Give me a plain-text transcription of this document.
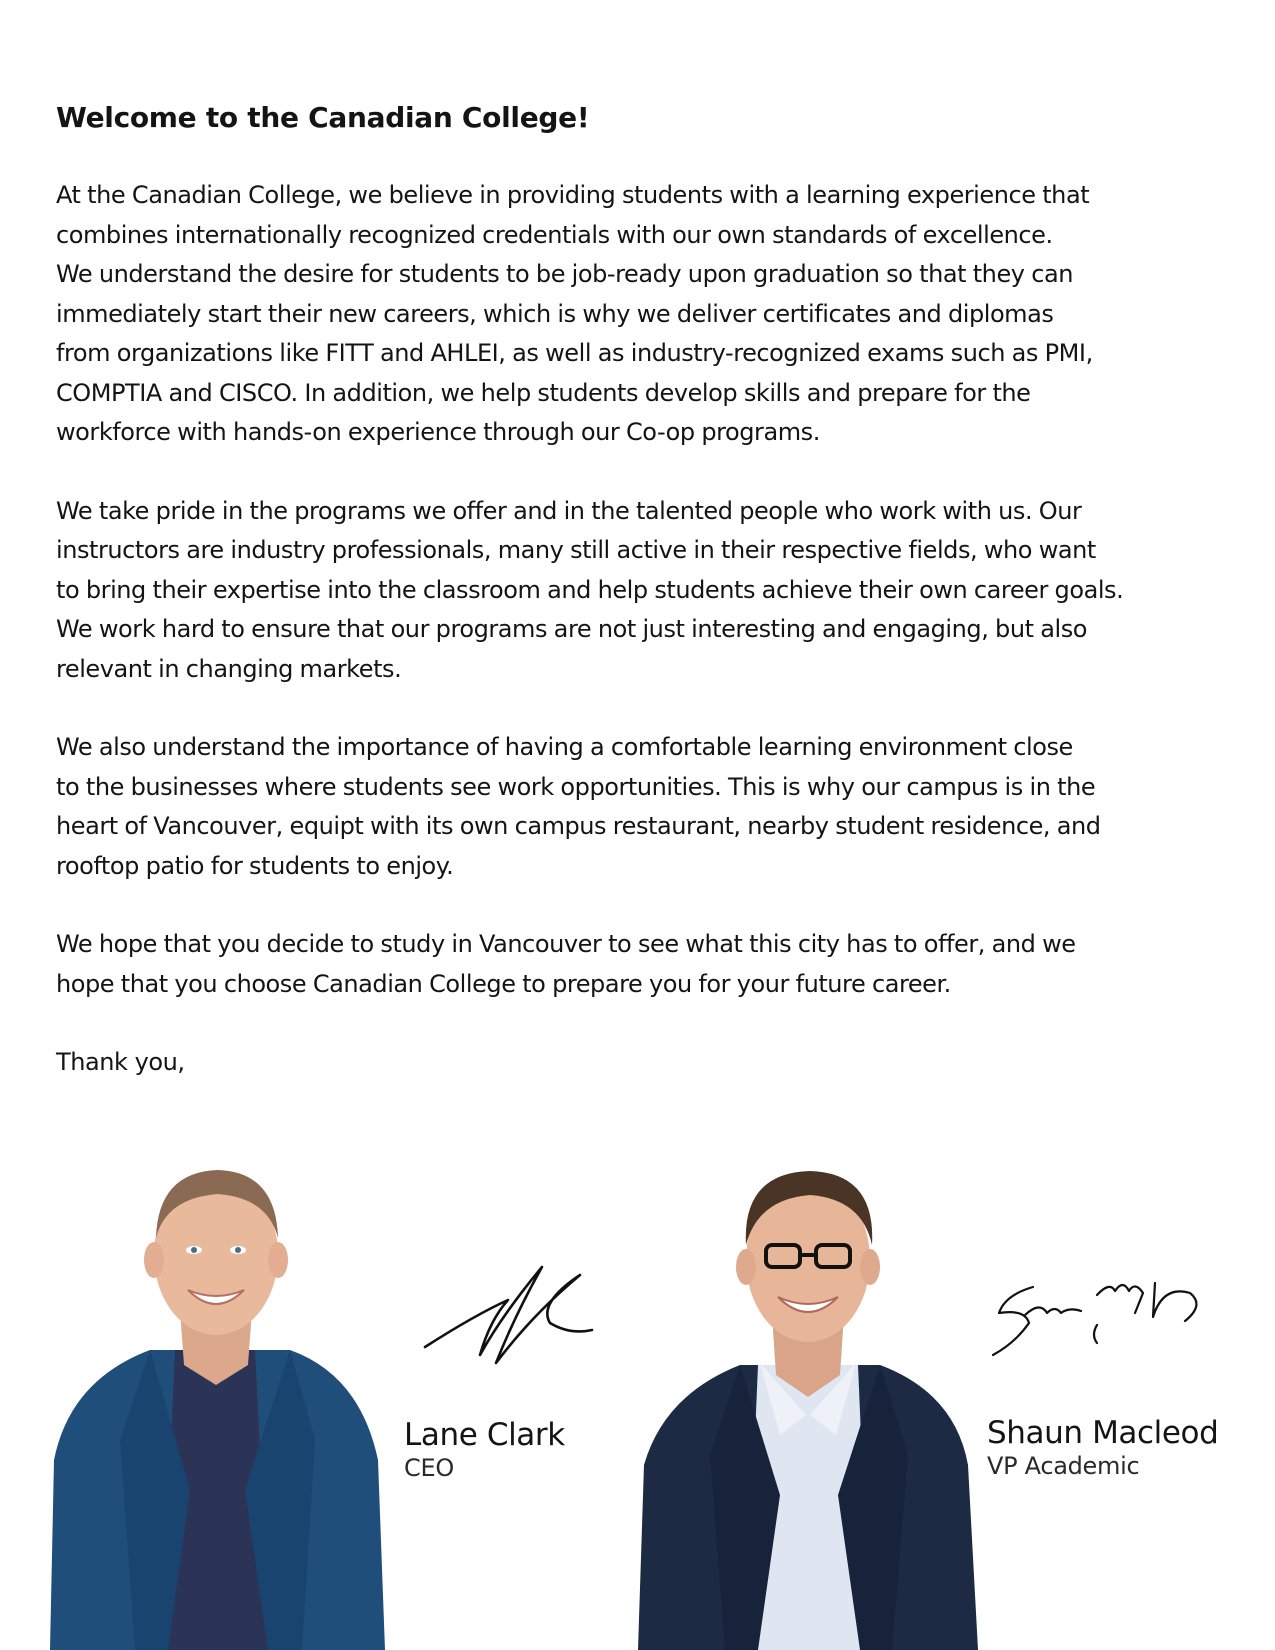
Welcome to the Canadian College!

At the Canadian College, we believe in providing students with a learning experience that
combines internationally recognized credentials with our own standards of excellence.
We understand the desire for students to be job-ready upon graduation so that they can
immediately start their new careers, which is why we deliver certificates and diplomas
from organizations like FITT and AHLEI, as well as industry-recognized exams such as PMI,
COMPTIA and CISCO. In addition, we help students develop skills and prepare for the
workforce with hands-on experience through our Co-op programs.

We take pride in the programs we offer and in the talented people who work with us. Our
instructors are industry professionals, many still active in their respective fields, who want
to bring their expertise into the classroom and help students achieve their own career goals.
We work hard to ensure that our programs are not just interesting and engaging, but also
relevant in changing markets.

We also understand the importance of having a comfortable learning environment close
to the businesses where students see work opportunities. This is why our campus is in the
heart of Vancouver, equipt with its own campus restaurant, nearby student residence, and
rooftop patio for students to enjoy.

We hope that you decide to study in Vancouver to see what this city has to offer, and we
hope that you choose Canadian College to prepare you for your future career.

Thank you,

Lane Clark
CEO
Shaun Macleod
VP Academic
